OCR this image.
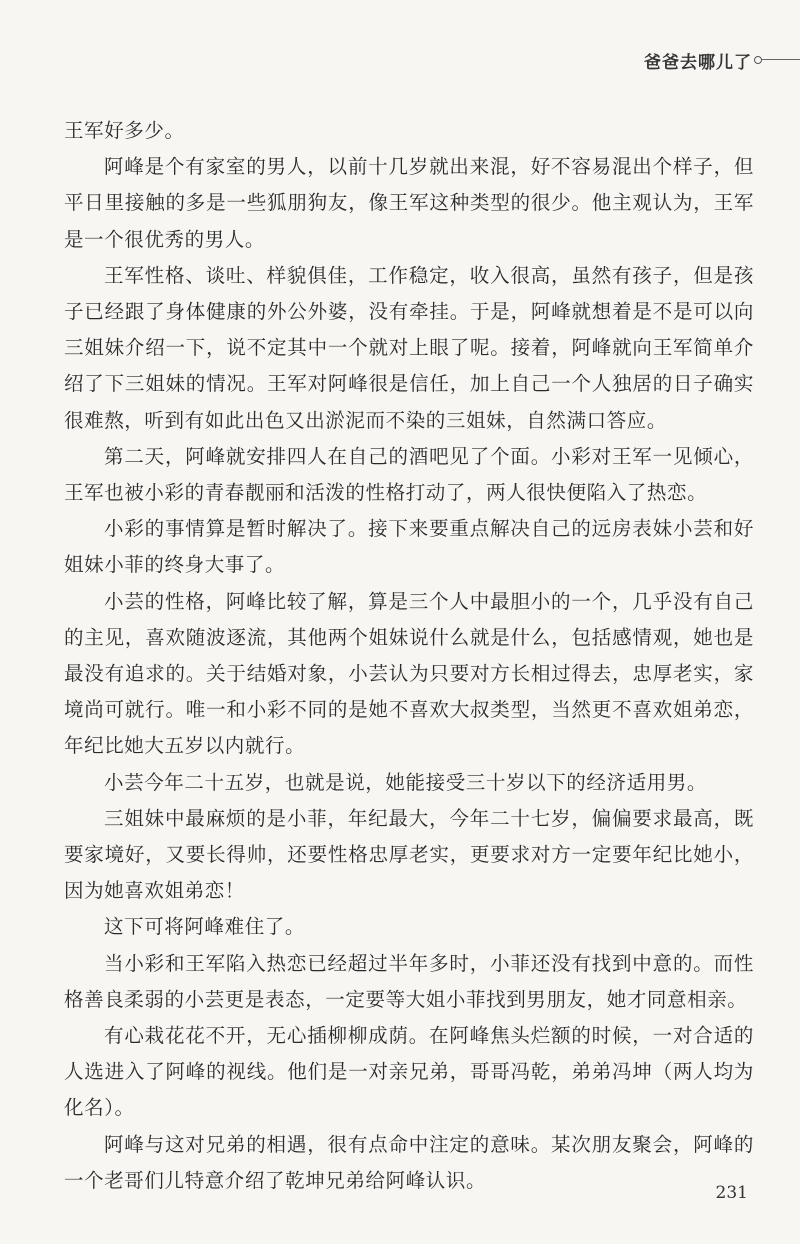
爸爸去哪儿了

王军好多少。

阿峰是个有家室的男人，以前十几岁就出来混，好不容易混出个样子，但平日里接触的多是一些狐朋狗友，像王军这种类型的很少。他主观认为，王军是一个很优秀的男人。

王军性格、谈吐、样貌俱佳，工作稳定，收入很高，虽然有孩子，但是孩子已经跟了身体健康的外公外婆，没有牵挂。于是，阿峰就想着是不是可以向三姐妹介绍一下，说不定其中一个就对上眼了呢。接着，阿峰就向王军简单介绍了下三姐妹的情况。王军对阿峰很是信任，加上自己一个人独居的日子确实很难熬，听到有如此出色又出淤泥而不染的三姐妹，自然满口答应。

第二天，阿峰就安排四人在自己的酒吧见了个面。小彩对王军一见倾心，王军也被小彩的青春靓丽和活泼的性格打动了，两人很快便陷入了热恋。

小彩的事情算是暂时解决了。接下来要重点解决自己的远房表妹小芸和好姐妹小菲的终身大事了。

小芸的性格，阿峰比较了解，算是三个人中最胆小的一个，几乎没有自己的主见，喜欢随波逐流，其他两个姐妹说什么就是什么，包括感情观，她也是最没有追求的。关于结婚对象，小芸认为只要对方长相过得去，忠厚老实，家境尚可就行。唯一和小彩不同的是她不喜欢大叔类型，当然更不喜欢姐弟恋，年纪比她大五岁以内就行。

小芸今年二十五岁，也就是说，她能接受三十岁以下的经济适用男。

三姐妹中最麻烦的是小菲，年纪最大，今年二十七岁，偏偏要求最高，既要家境好，又要长得帅，还要性格忠厚老实，更要求对方一定要年纪比她小，因为她喜欢姐弟恋！

这下可将阿峰难住了。

当小彩和王军陷入热恋已经超过半年多时，小菲还没有找到中意的。而性格善良柔弱的小芸更是表态，一定要等大姐小菲找到男朋友，她才同意相亲。

有心栽花花不开，无心插柳柳成荫。在阿峰焦头烂额的时候，一对合适的人选进入了阿峰的视线。他们是一对亲兄弟，哥哥冯乾，弟弟冯坤（两人均为化名）。

阿峰与这对兄弟的相遇，很有点命中注定的意味。某次朋友聚会，阿峰的一个老哥们儿特意介绍了乾坤兄弟给阿峰认识。

231
